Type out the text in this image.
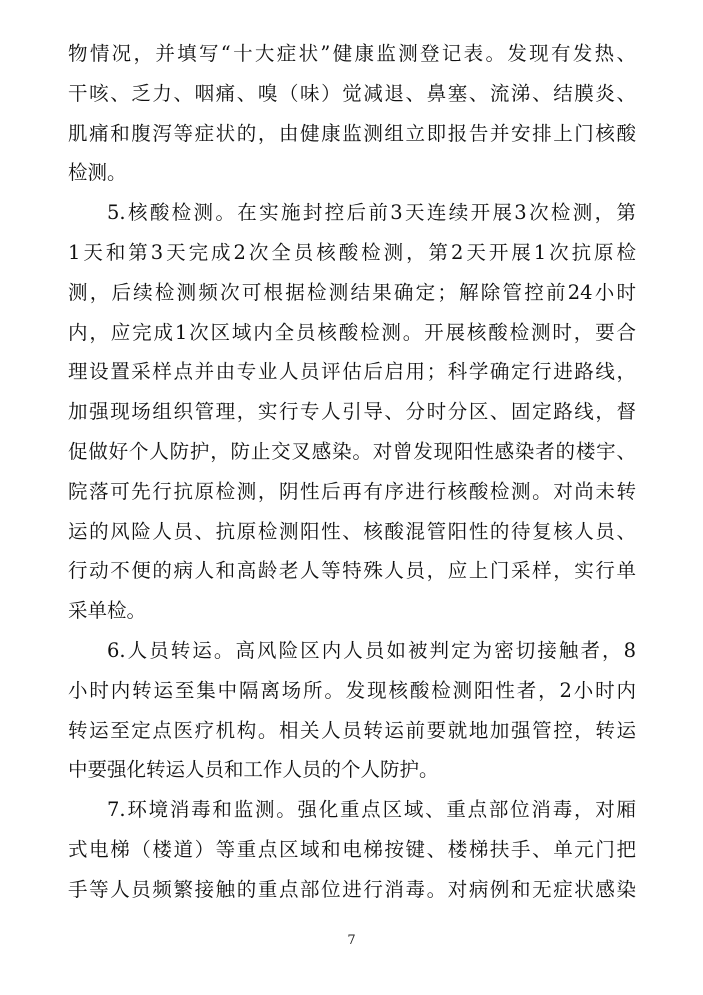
物情况，并填写“十大症状”健康监测登记表。发现有发热、
干咳、乏力、咽痛、嗅（味）觉减退、鼻塞、流涕、结膜炎、
肌痛和腹泻等症状的，由健康监测组立即报告并安排上门核酸
检测。
5.核酸检测。在实施封控后前3天连续开展3次检测，第
1天和第3天完成2次全员核酸检测，第2天开展1次抗原检
测，后续检测频次可根据检测结果确定；解除管控前24小时
内，应完成1次区域内全员核酸检测。开展核酸检测时，要合
理设置采样点并由专业人员评估后启用；科学确定行进路线，
加强现场组织管理，实行专人引导、分时分区、固定路线，督
促做好个人防护，防止交叉感染。对曾发现阳性感染者的楼宇、
院落可先行抗原检测，阴性后再有序进行核酸检测。对尚未转
运的风险人员、抗原检测阳性、核酸混管阳性的待复核人员、
行动不便的病人和高龄老人等特殊人员，应上门采样，实行单
采单检。
6.人员转运。高风险区内人员如被判定为密切接触者，8
小时内转运至集中隔离场所。发现核酸检测阳性者，2小时内
转运至定点医疗机构。相关人员转运前要就地加强管控，转运
中要强化转运人员和工作人员的个人防护。
7.环境消毒和监测。强化重点区域、重点部位消毒，对厢
式电梯（楼道）等重点区域和电梯按键、楼梯扶手、单元门把
手等人员频繁接触的重点部位进行消毒。对病例和无症状感染
7
